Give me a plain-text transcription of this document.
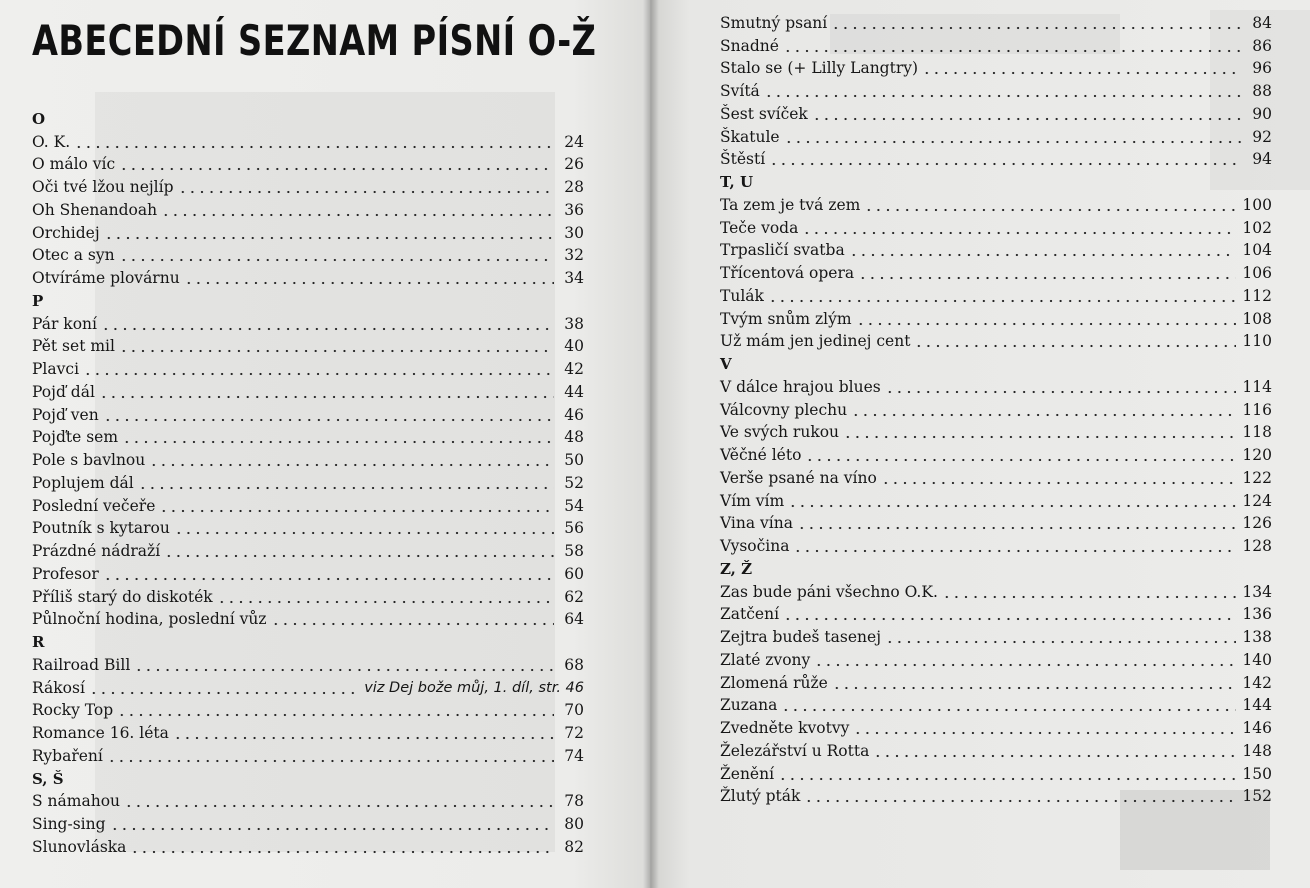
ABECEDNÍ SEZNAM PÍSNÍ O-Ž
O
O. K.	24
O málo víc	26
Oči tvé lžou nejlíp	28
Oh Shenandoah	36
Orchidej	30
Otec a syn	32
Otvíráme plovárnu	34
P
Pár koní	38
Pět set mil	40
Plavci	42
Pojď dál	44
Pojď ven	46
Pojďte sem	48
Pole s bavlnou	50
Poplujem dál	52
Poslední večeře	54
Poutník s kytarou	56
Prázdné nádraží	58
Profesor	60
Příliš starý do diskoték	62
Půlnoční hodina, poslední vůz	64
R
Railroad Bill	68
Rákosí	viz Dej bože můj, 1. díl, str. 46
Rocky Top	70
Romance 16. léta	72
Rybaření	74
S, Š
S námahou	78
Sing-sing	80
Slunovláska	82
Smutný psaní	84
Snadné	86
Stalo se (+ Lilly Langtry)	96
Svítá	88
Šest svíček	90
Škatule	92
Štěstí	94
T, U
Ta zem je tvá zem	100
Teče voda	102
Trpasličí svatba	104
Třícentová opera	106
Tulák	112
Tvým snům zlým	108
Už mám jen jedinej cent	110
V
V dálce hrajou blues	114
Válcovny plechu	116
Ve svých rukou	118
Věčné léto	120
Verše psané na víno	122
Vím vím	124
Vina vína	126
Vysočina	128
Z, Ž
Zas bude páni všechno O.K.	134
Zatčení	136
Zejtra budeš tasenej	138
Zlaté zvony	140
Zlomená růže	142
Zuzana	144
Zvedněte kvotvy	146
Železářství u Rotta	148
Ženění	150
Žlutý pták	152
